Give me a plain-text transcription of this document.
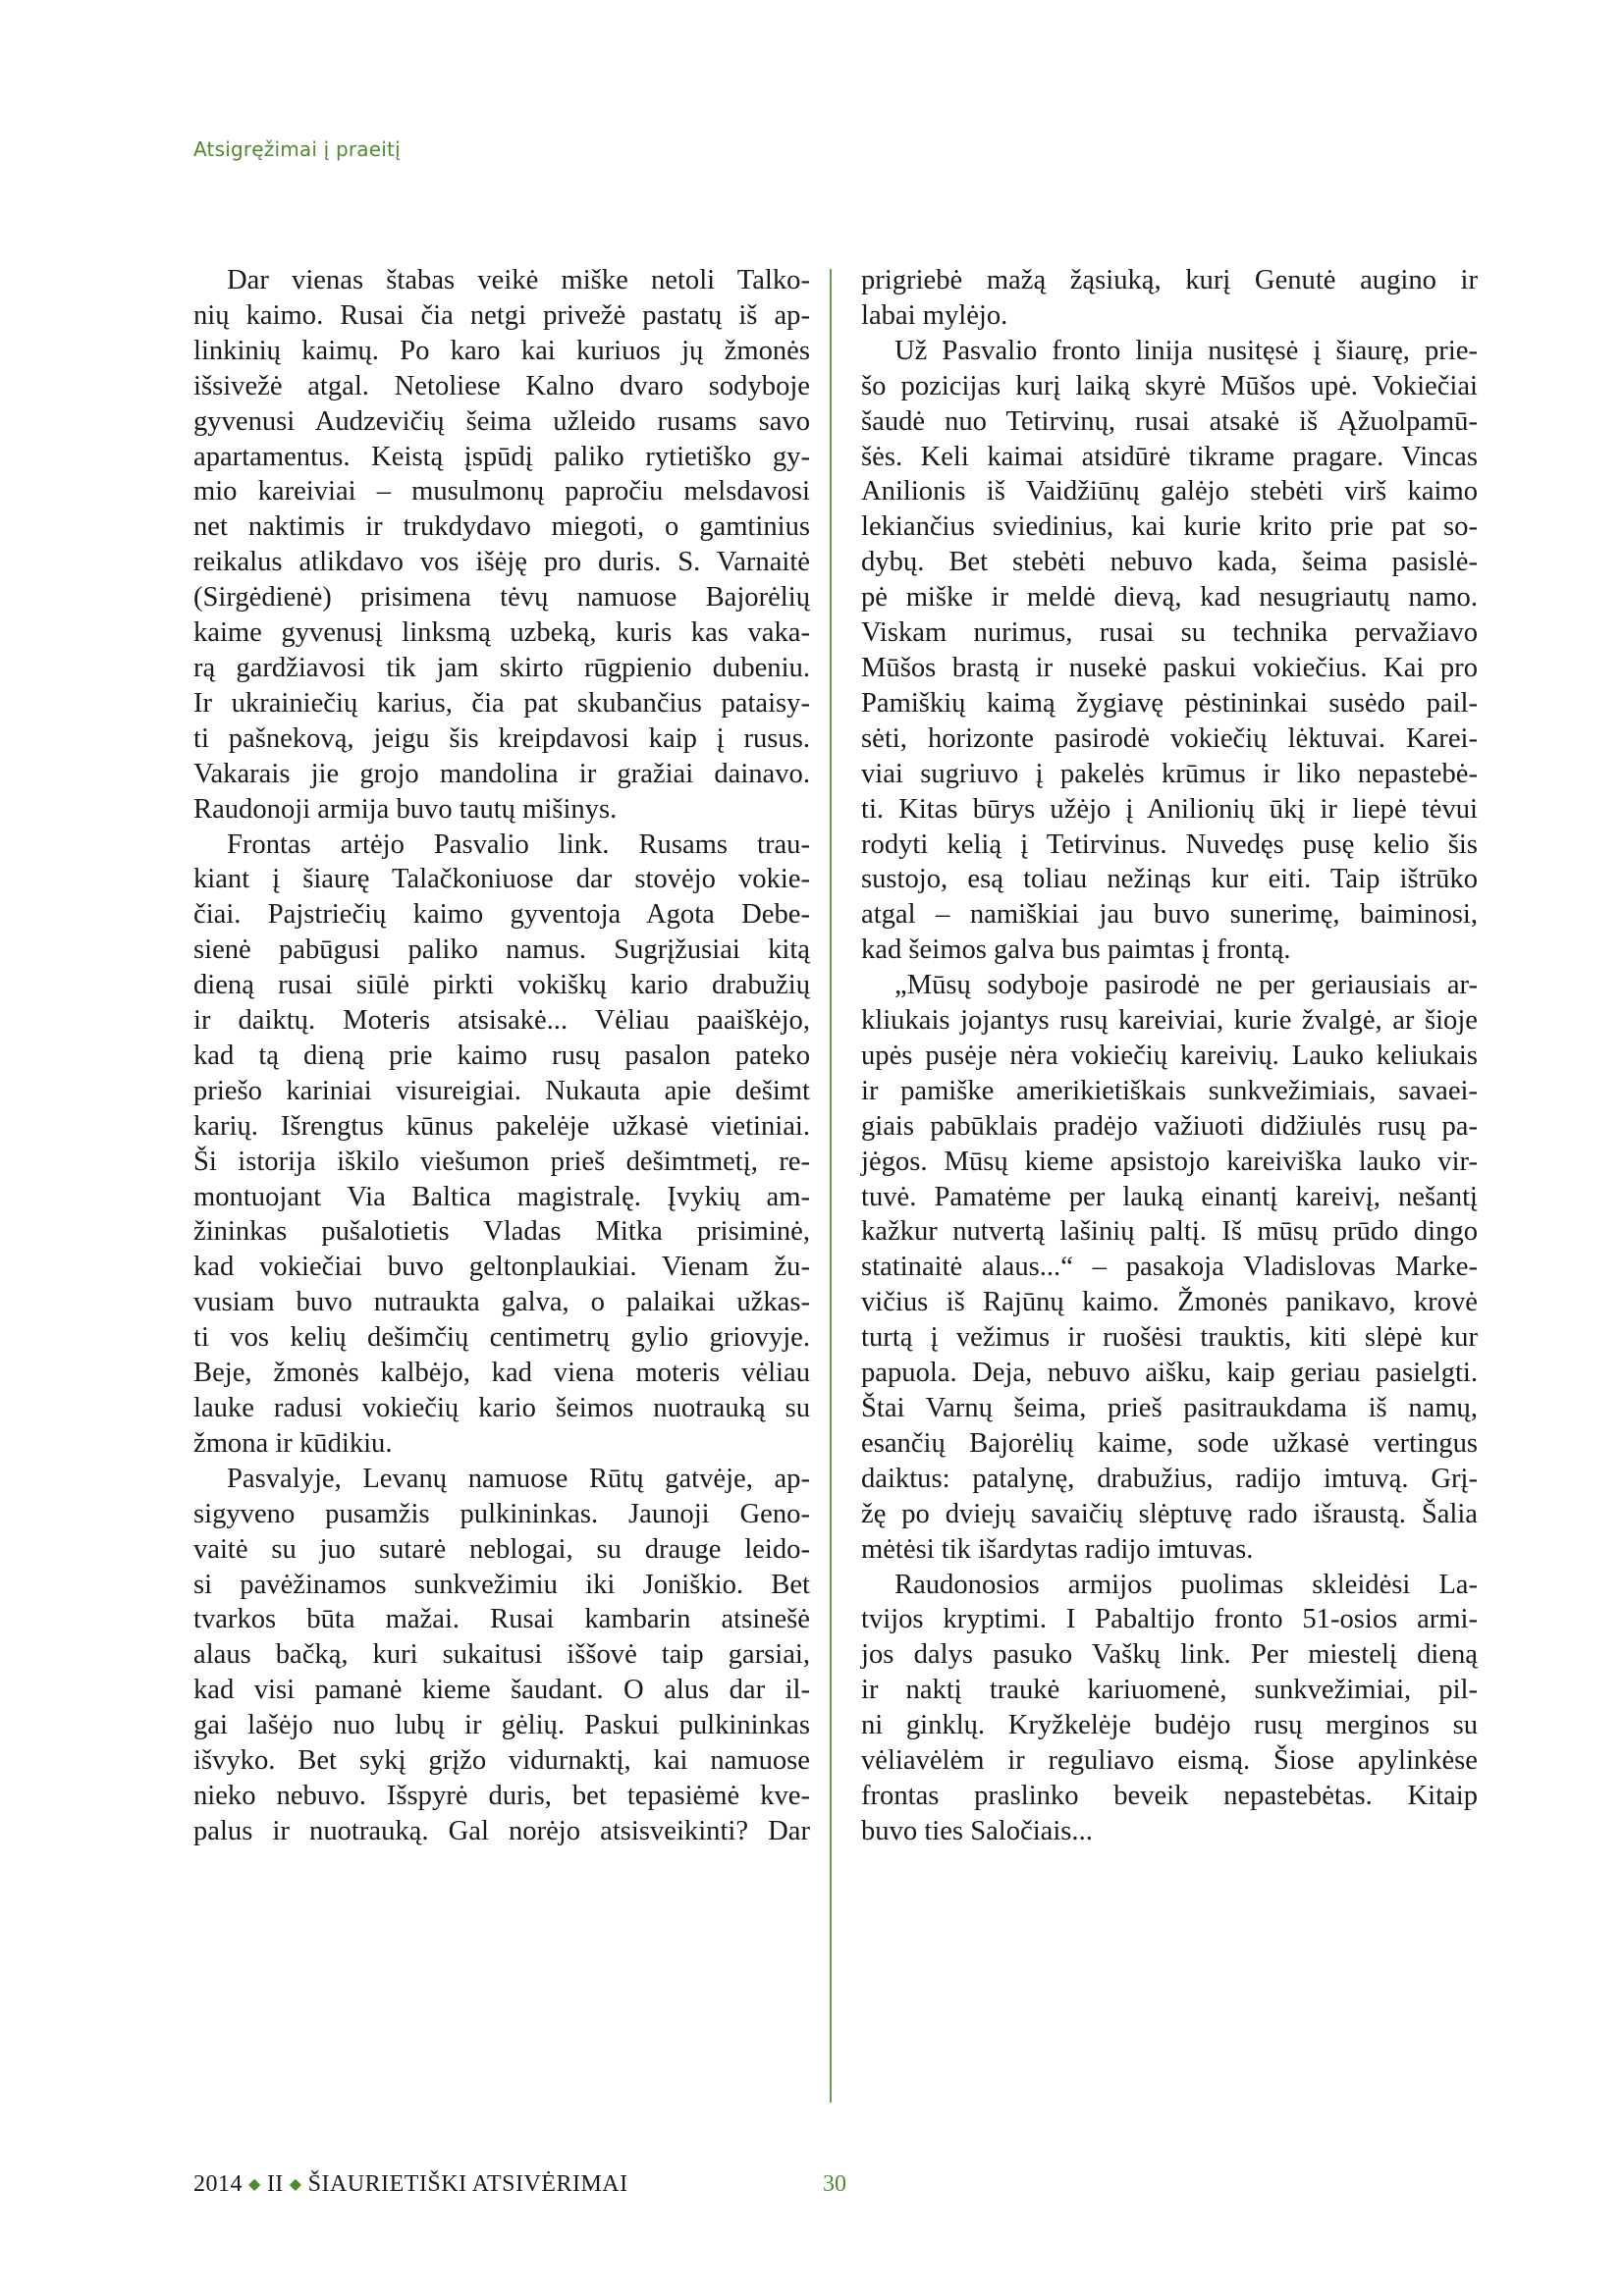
Atsigręžimai į praeitį
Dar vienas štabas veikė miške netoli Talko-
nių kaimo. Rusai čia netgi privežė pastatų iš ap-
linkinių kaimų. Po karo kai kuriuos jų žmonės
išsivežė atgal. Netoliese Kalno dvaro sodyboje
gyvenusi Audzevičių šeima užleido rusams savo
apartamentus. Keistą įspūdį paliko rytietiško gy-
mio kareiviai – musulmonų papročiu melsdavosi
net naktimis ir trukdydavo miegoti, o gamtinius
reikalus atlikdavo vos išėję pro duris. S. Varnaitė
(Sirgėdienė) prisimena tėvų namuose Bajorėlių
kaime gyvenusį linksmą uzbeką, kuris kas vaka-
rą gardžiavosi tik jam skirto rūgpienio dubeniu.
Ir ukrainiečių karius, čia pat skubančius pataisy-
ti pašnekovą, jeigu šis kreipdavosi kaip į rusus.
Vakarais jie grojo mandolina ir gražiai dainavo.
Raudonoji armija buvo tautų mišinys.
Frontas artėjo Pasvalio link. Rusams trau-
kiant į šiaurę Talačkoniuose dar stovėjo vokie-
čiai. Pajstriečių kaimo gyventoja Agota Debe-
sienė pabūgusi paliko namus. Sugrįžusiai kitą
dieną rusai siūlė pirkti vokiškų kario drabužių
ir daiktų. Moteris atsisakė... Vėliau paaiškėjo,
kad tą dieną prie kaimo rusų pasalon pateko
priešo kariniai visureigiai. Nukauta apie dešimt
karių. Išrengtus kūnus pakelėje užkasė vietiniai.
Ši istorija iškilo viešumon prieš dešimtmetį, re-
montuojant Via Baltica magistralę. Įvykių am-
žininkas pušalotietis Vladas Mitka prisiminė,
kad vokiečiai buvo geltonplaukiai. Vienam žu-
vusiam buvo nutraukta galva, o palaikai užkas-
ti vos kelių dešimčių centimetrų gylio griovyje.
Beje, žmonės kalbėjo, kad viena moteris vėliau
lauke radusi vokiečių kario šeimos nuotrauką su
žmona ir kūdikiu.
Pasvalyje, Levanų namuose Rūtų gatvėje, ap-
sigyveno pusamžis pulkininkas. Jaunoji Geno-
vaitė su juo sutarė neblogai, su drauge leido-
si pavėžinamos sunkvežimiu iki Joniškio. Bet
tvarkos būta mažai. Rusai kambarin atsinešė
alaus bačką, kuri sukaitusi iššovė taip garsiai,
kad visi pamanė kieme šaudant. O alus dar il-
gai lašėjo nuo lubų ir gėlių. Paskui pulkininkas
išvyko. Bet sykį grįžo vidurnaktį, kai namuose
nieko nebuvo. Išspyrė duris, bet tepasiėmė kve-
palus ir nuotrauką. Gal norėjo atsisveikinti? Dar
prigriebė mažą žąsiuką, kurį Genutė augino ir
labai mylėjo.
Už Pasvalio fronto linija nusitęsė į šiaurę, prie-
šo pozicijas kurį laiką skyrė Mūšos upė. Vokiečiai
šaudė nuo Tetirvinų, rusai atsakė iš Ąžuolpamū-
šės. Keli kaimai atsidūrė tikrame pragare. Vincas
Anilionis iš Vaidžiūnų galėjo stebėti virš kaimo
lekiančius sviedinius, kai kurie krito prie pat so-
dybų. Bet stebėti nebuvo kada, šeima pasislė-
pė miške ir meldė dievą, kad nesugriautų namo.
Viskam nurimus, rusai su technika pervažiavo
Mūšos brastą ir nusekė paskui vokiečius. Kai pro
Pamiškių kaimą žygiavę pėstininkai susėdo pail-
sėti, horizonte pasirodė vokiečių lėktuvai. Karei-
viai sugriuvo į pakelės krūmus ir liko nepastebė-
ti. Kitas būrys užėjo į Anilionių ūkį ir liepė tėvui
rodyti kelią į Tetirvinus. Nuvedęs pusę kelio šis
sustojo, esą toliau nežinąs kur eiti. Taip ištrūko
atgal – namiškiai jau buvo sunerimę, baiminosi,
kad šeimos galva bus paimtas į frontą.
„Mūsų sodyboje pasirodė ne per geriausiais ar-
kliukais jojantys rusų kareiviai, kurie žvalgė, ar šioje
upės pusėje nėra vokiečių kareivių. Lauko keliukais
ir pamiške amerikietiškais sunkvežimiais, savaei-
giais pabūklais pradėjo važiuoti didžiulės rusų pa-
jėgos. Mūsų kieme apsistojo kareiviška lauko vir-
tuvė. Pamatėme per lauką einantį kareivį, nešantį
kažkur nutvertą lašinių paltį. Iš mūsų prūdo dingo
statinaitė alaus...“ – pasakoja Vladislovas Marke-
vičius iš Rajūnų kaimo. Žmonės panikavo, krovė
turtą į vežimus ir ruošėsi trauktis, kiti slėpė kur
papuola. Deja, nebuvo aišku, kaip geriau pasielgti.
Štai Varnų šeima, prieš pasitraukdama iš namų,
esančių Bajorėlių kaime, sode užkasė vertingus
daiktus: patalynę, drabužius, radijo imtuvą. Grį-
žę po dviejų savaičių slėptuvę rado išraustą. Šalia
mėtėsi tik išardytas radijo imtuvas.
Raudonosios armijos puolimas skleidėsi La-
tvijos kryptimi. I Pabaltijo fronto 51-osios armi-
jos dalys pasuko Vaškų link. Per miestelį dieną
ir naktį traukė kariuomenė, sunkvežimiai, pil-
ni ginklų. Kryžkelėje budėjo rusų merginos su
vėliavėlėm ir reguliavo eismą. Šiose apylinkėse
frontas praslinko beveik nepastebėtas. Kitaip
buvo ties Saločiais...
2014 ◆ II ◆ ŠIAURIETIŠKI ATSIVĖRIMAI	30
